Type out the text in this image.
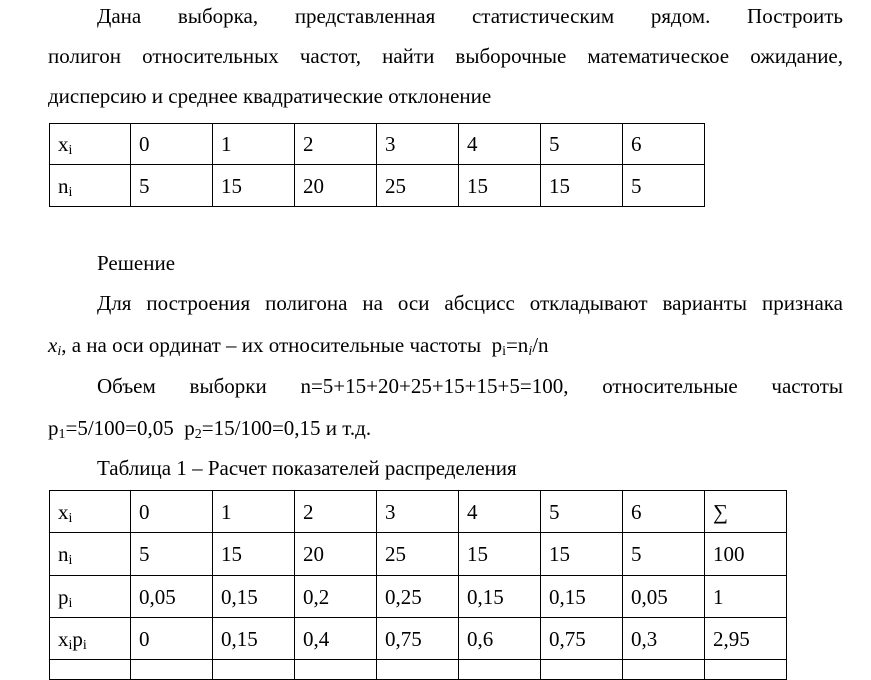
Дана выборка, представленная статистическим рядом. Построить
полигон относительных частот, найти выборочные математическое ожидание,
дисперсию и среднее квадратические отклонение
$x_i$	0	1	2	3	4	5	6
$n_i$	5	15	20	25	15	15	5
Решение
Для построения полигона на оси абсцисс откладывают варианты признака
$x_i$, а на оси ординат – их относительные частоты $p_i=n_i/n$
Объем выборки n=5+15+20+25+15+15+5=100, относительные частоты
$p_1=5/100=0,05$ $p_2=15/100=0,15$ и т.д.
Таблица 1 – Расчет показателей распределения
$x_i$	0	1	2	3	4	5	6	∑
$n_i$	5	15	20	25	15	15	5	100
$p_i$	0,05	0,15	0,2	0,25	0,15	0,15	0,05	1
$x_ip_i$	0	0,15	0,4	0,75	0,6	0,75	0,3	2,95
